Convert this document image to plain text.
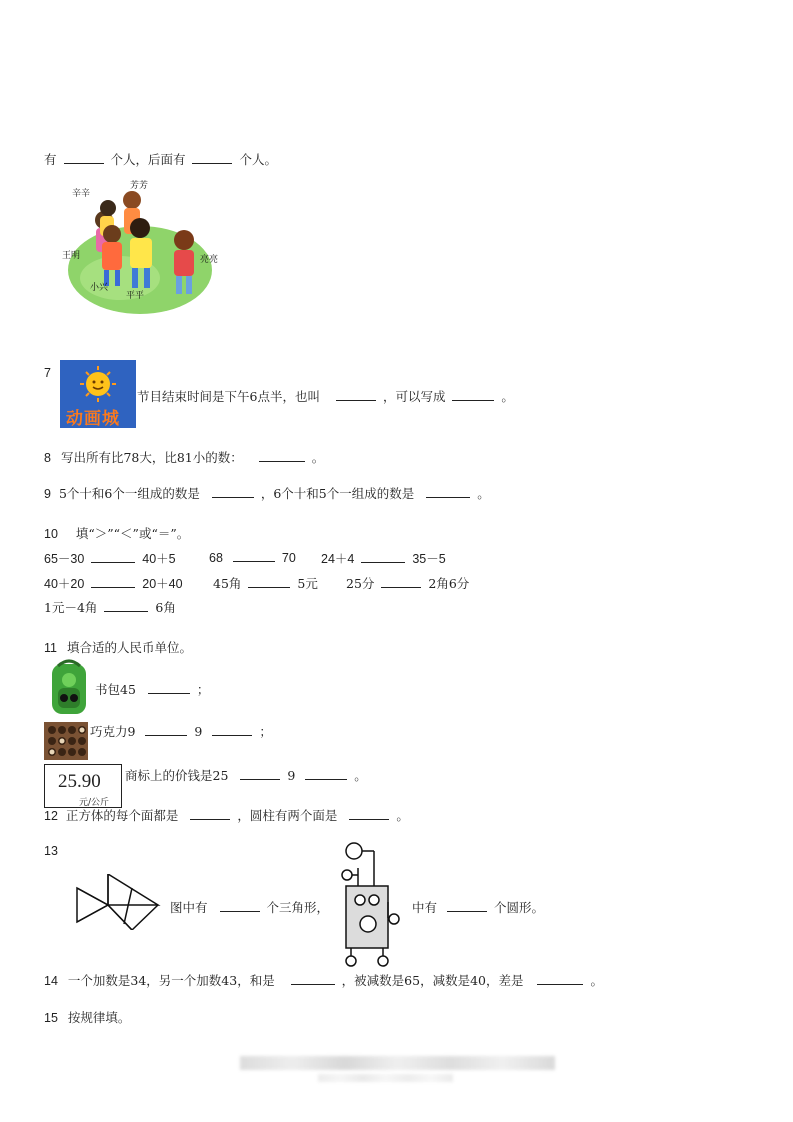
有	个人，后面有	个人。
辛辛
芳芳
亮亮
王明
小兴
平平
7
动画城
节目结束时间是下午6点半，也叫	，可以写成	。
8 写出所有比78大，比81小的数：	。
9 5个十和6个一组成的数是	，6个十和5个一组成的数是	。
10 填“＞”“＜”或“＝”。
65－30	40＋5	68	70 24＋4	35－5
40＋20	20＋40 45角	5元 25分	2角6分
1元－4角	6角
11 填合适的人民币单位。
书包45	；
巧克力9	9	；
25.90
元/公斤
商标上的价钱是25	9	。
12 正方体的每个面都是	，圆柱有两个面是	。
13
图中有	个三角形，	中有	个圆形。
14 一个加数是34，另一个加数43，和是	，被减数是65，减数是40，差是	。
15 按规律填。
